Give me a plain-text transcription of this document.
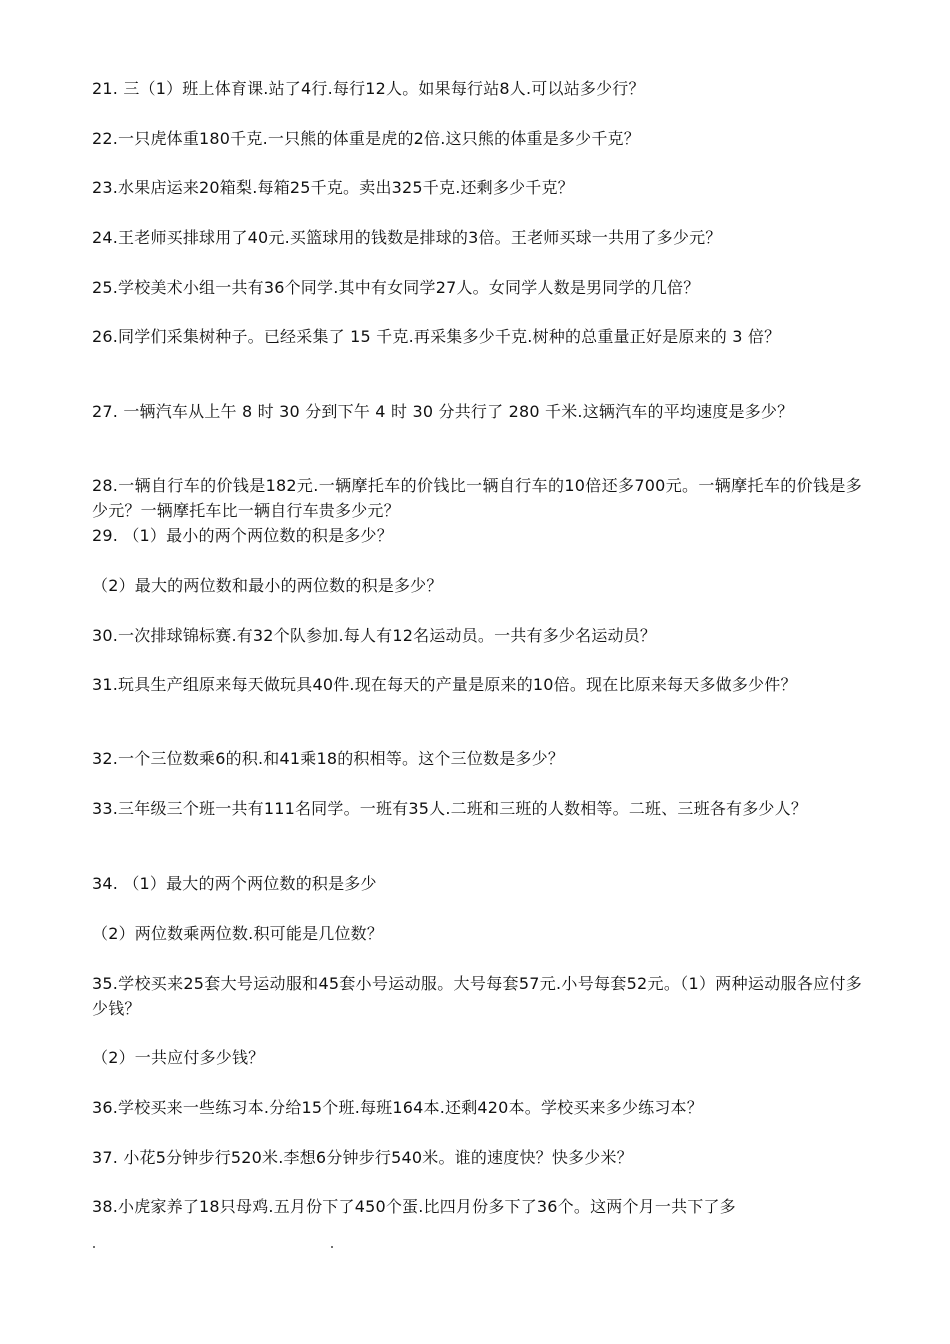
21. 三（1）班上体育课.站了4行.每行12人。如果每行站8人.可以站多少行？
22.一只虎体重180千克.一只熊的体重是虎的2倍.这只熊的体重是多少千克？
23.水果店运来20箱梨.每箱25千克。卖出325千克.还剩多少千克？
24.王老师买排球用了40元.买篮球用的钱数是排球的3倍。王老师买球一共用了多少元？
25.学校美术小组一共有36个同学.其中有女同学27人。女同学人数是男同学的几倍？
26.同学们采集树种子。已经采集了 15 千克.再采集多少千克.树种的总重量正好是原来的 3 倍？
27. 一辆汽车从上午 8 时 30 分到下午 4 时 30 分共行了 280 千米.这辆汽车的平均速度是多少？
28.一辆自行车的价钱是182元.一辆摩托车的价钱比一辆自行车的10倍还多700元。一辆摩托车的价钱是多少元？一辆摩托车比一辆自行车贵多少元？
29. （1）最小的两个两位数的积是多少？
（2）最大的两位数和最小的两位数的积是多少？
30.一次排球锦标赛.有32个队参加.每人有12名运动员。一共有多少名运动员？
31.玩具生产组原来每天做玩具40件.现在每天的产量是原来的10倍。现在比原来每天多做多少件？
32.一个三位数乘6的积.和41乘18的积相等。这个三位数是多少？
33.三年级三个班一共有111名同学。一班有35人.二班和三班的人数相等。二班、三班各有多少人？
34. （1）最大的两个两位数的积是多少
（2）两位数乘两位数.积可能是几位数？
35.学校买来25套大号运动服和45套小号运动服。大号每套57元.小号每套52元。（1）两种运动服各应付多少钱？
（2）一共应付多少钱？
36.学校买来一些练习本.分给15个班.每班164本.还剩420本。学校买来多少练习本？
37. 小花5分钟步行520米.李想6分钟步行540米。谁的速度快？快多少米？
38.小虎家养了18只母鸡.五月份下了450个蛋.比四月份多下了36个。这两个月一共下了多
